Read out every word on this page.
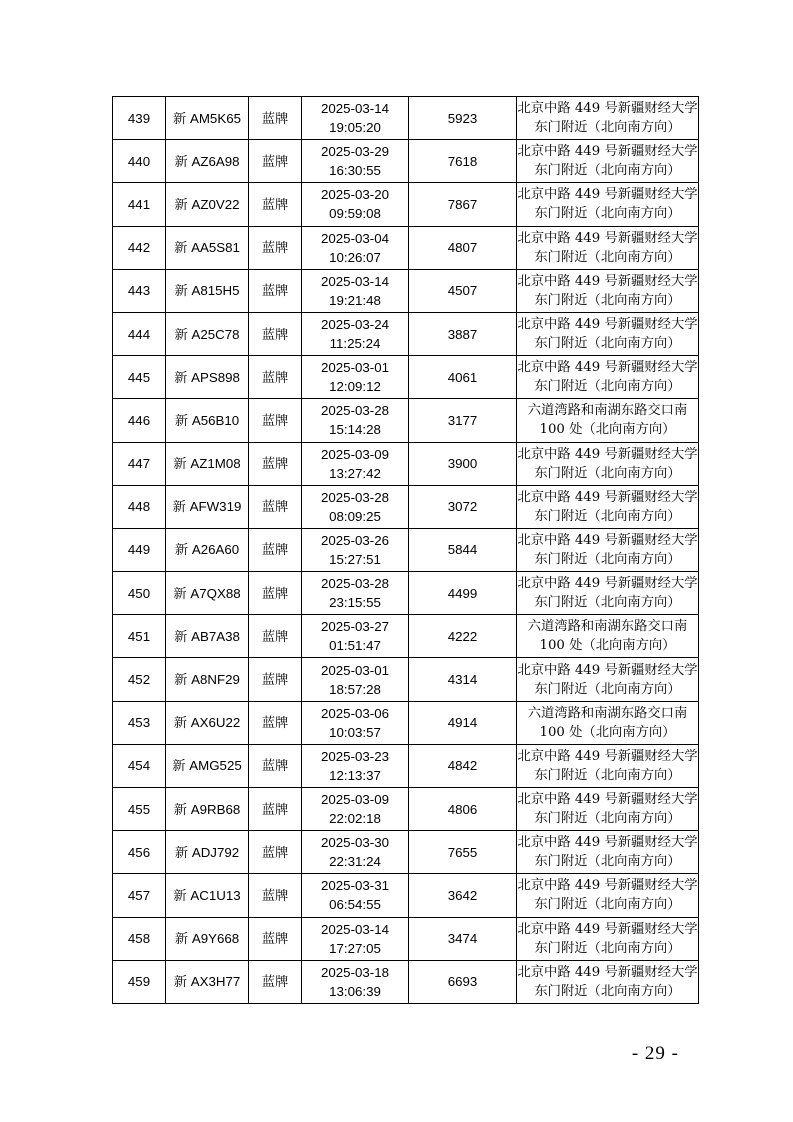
439	新 AM5K65	蓝牌	2025-03-14
19:05:20	5923	北京中路 449 号新疆财经大学
东门附近（北向南方向）

440	新 AZ6A98	蓝牌	2025-03-29
16:30:55	7618	北京中路 449 号新疆财经大学
东门附近（北向南方向）

441	新 AZ0V22	蓝牌	2025-03-20
09:59:08	7867	北京中路 449 号新疆财经大学
东门附近（北向南方向）

442	新 AA5S81	蓝牌	2025-03-04
10:26:07	4807	北京中路 449 号新疆财经大学
东门附近（北向南方向）

443	新 A815H5	蓝牌	2025-03-14
19:21:48	4507	北京中路 449 号新疆财经大学
东门附近（北向南方向）

444	新 A25C78	蓝牌	2025-03-24
11:25:24	3887	北京中路 449 号新疆财经大学
东门附近（北向南方向）

445	新 APS898	蓝牌	2025-03-01
12:09:12	4061	北京中路 449 号新疆财经大学
东门附近（北向南方向）

446	新 A56B10	蓝牌	2025-03-28
15:14:28	3177	六道湾路和南湖东路交口南
100 处（北向南方向）

447	新 AZ1M08	蓝牌	2025-03-09
13:27:42	3900	北京中路 449 号新疆财经大学
东门附近（北向南方向）

448	新 AFW319	蓝牌	2025-03-28
08:09:25	3072	北京中路 449 号新疆财经大学
东门附近（北向南方向）

449	新 A26A60	蓝牌	2025-03-26
15:27:51	5844	北京中路 449 号新疆财经大学
东门附近（北向南方向）

450	新 A7QX88	蓝牌	2025-03-28
23:15:55	4499	北京中路 449 号新疆财经大学
东门附近（北向南方向）

451	新 AB7A38	蓝牌	2025-03-27
01:51:47	4222	六道湾路和南湖东路交口南
100 处（北向南方向）

452	新 A8NF29	蓝牌	2025-03-01
18:57:28	4314	北京中路 449 号新疆财经大学
东门附近（北向南方向）

453	新 AX6U22	蓝牌	2025-03-06
10:03:57	4914	六道湾路和南湖东路交口南
100 处（北向南方向）

454	新 AMG525	蓝牌	2025-03-23
12:13:37	4842	北京中路 449 号新疆财经大学
东门附近（北向南方向）

455	新 A9RB68	蓝牌	2025-03-09
22:02:18	4806	北京中路 449 号新疆财经大学
东门附近（北向南方向）

456	新 ADJ792	蓝牌	2025-03-30
22:31:24	7655	北京中路 449 号新疆财经大学
东门附近（北向南方向）

457	新 AC1U13	蓝牌	2025-03-31
06:54:55	3642	北京中路 449 号新疆财经大学
东门附近（北向南方向）

458	新 A9Y668	蓝牌	2025-03-14
17:27:05	3474	北京中路 449 号新疆财经大学
东门附近（北向南方向）

459	新 AX3H77	蓝牌	2025-03-18
13:06:39	6693	北京中路 449 号新疆财经大学
东门附近（北向南方向）
- 29 -
